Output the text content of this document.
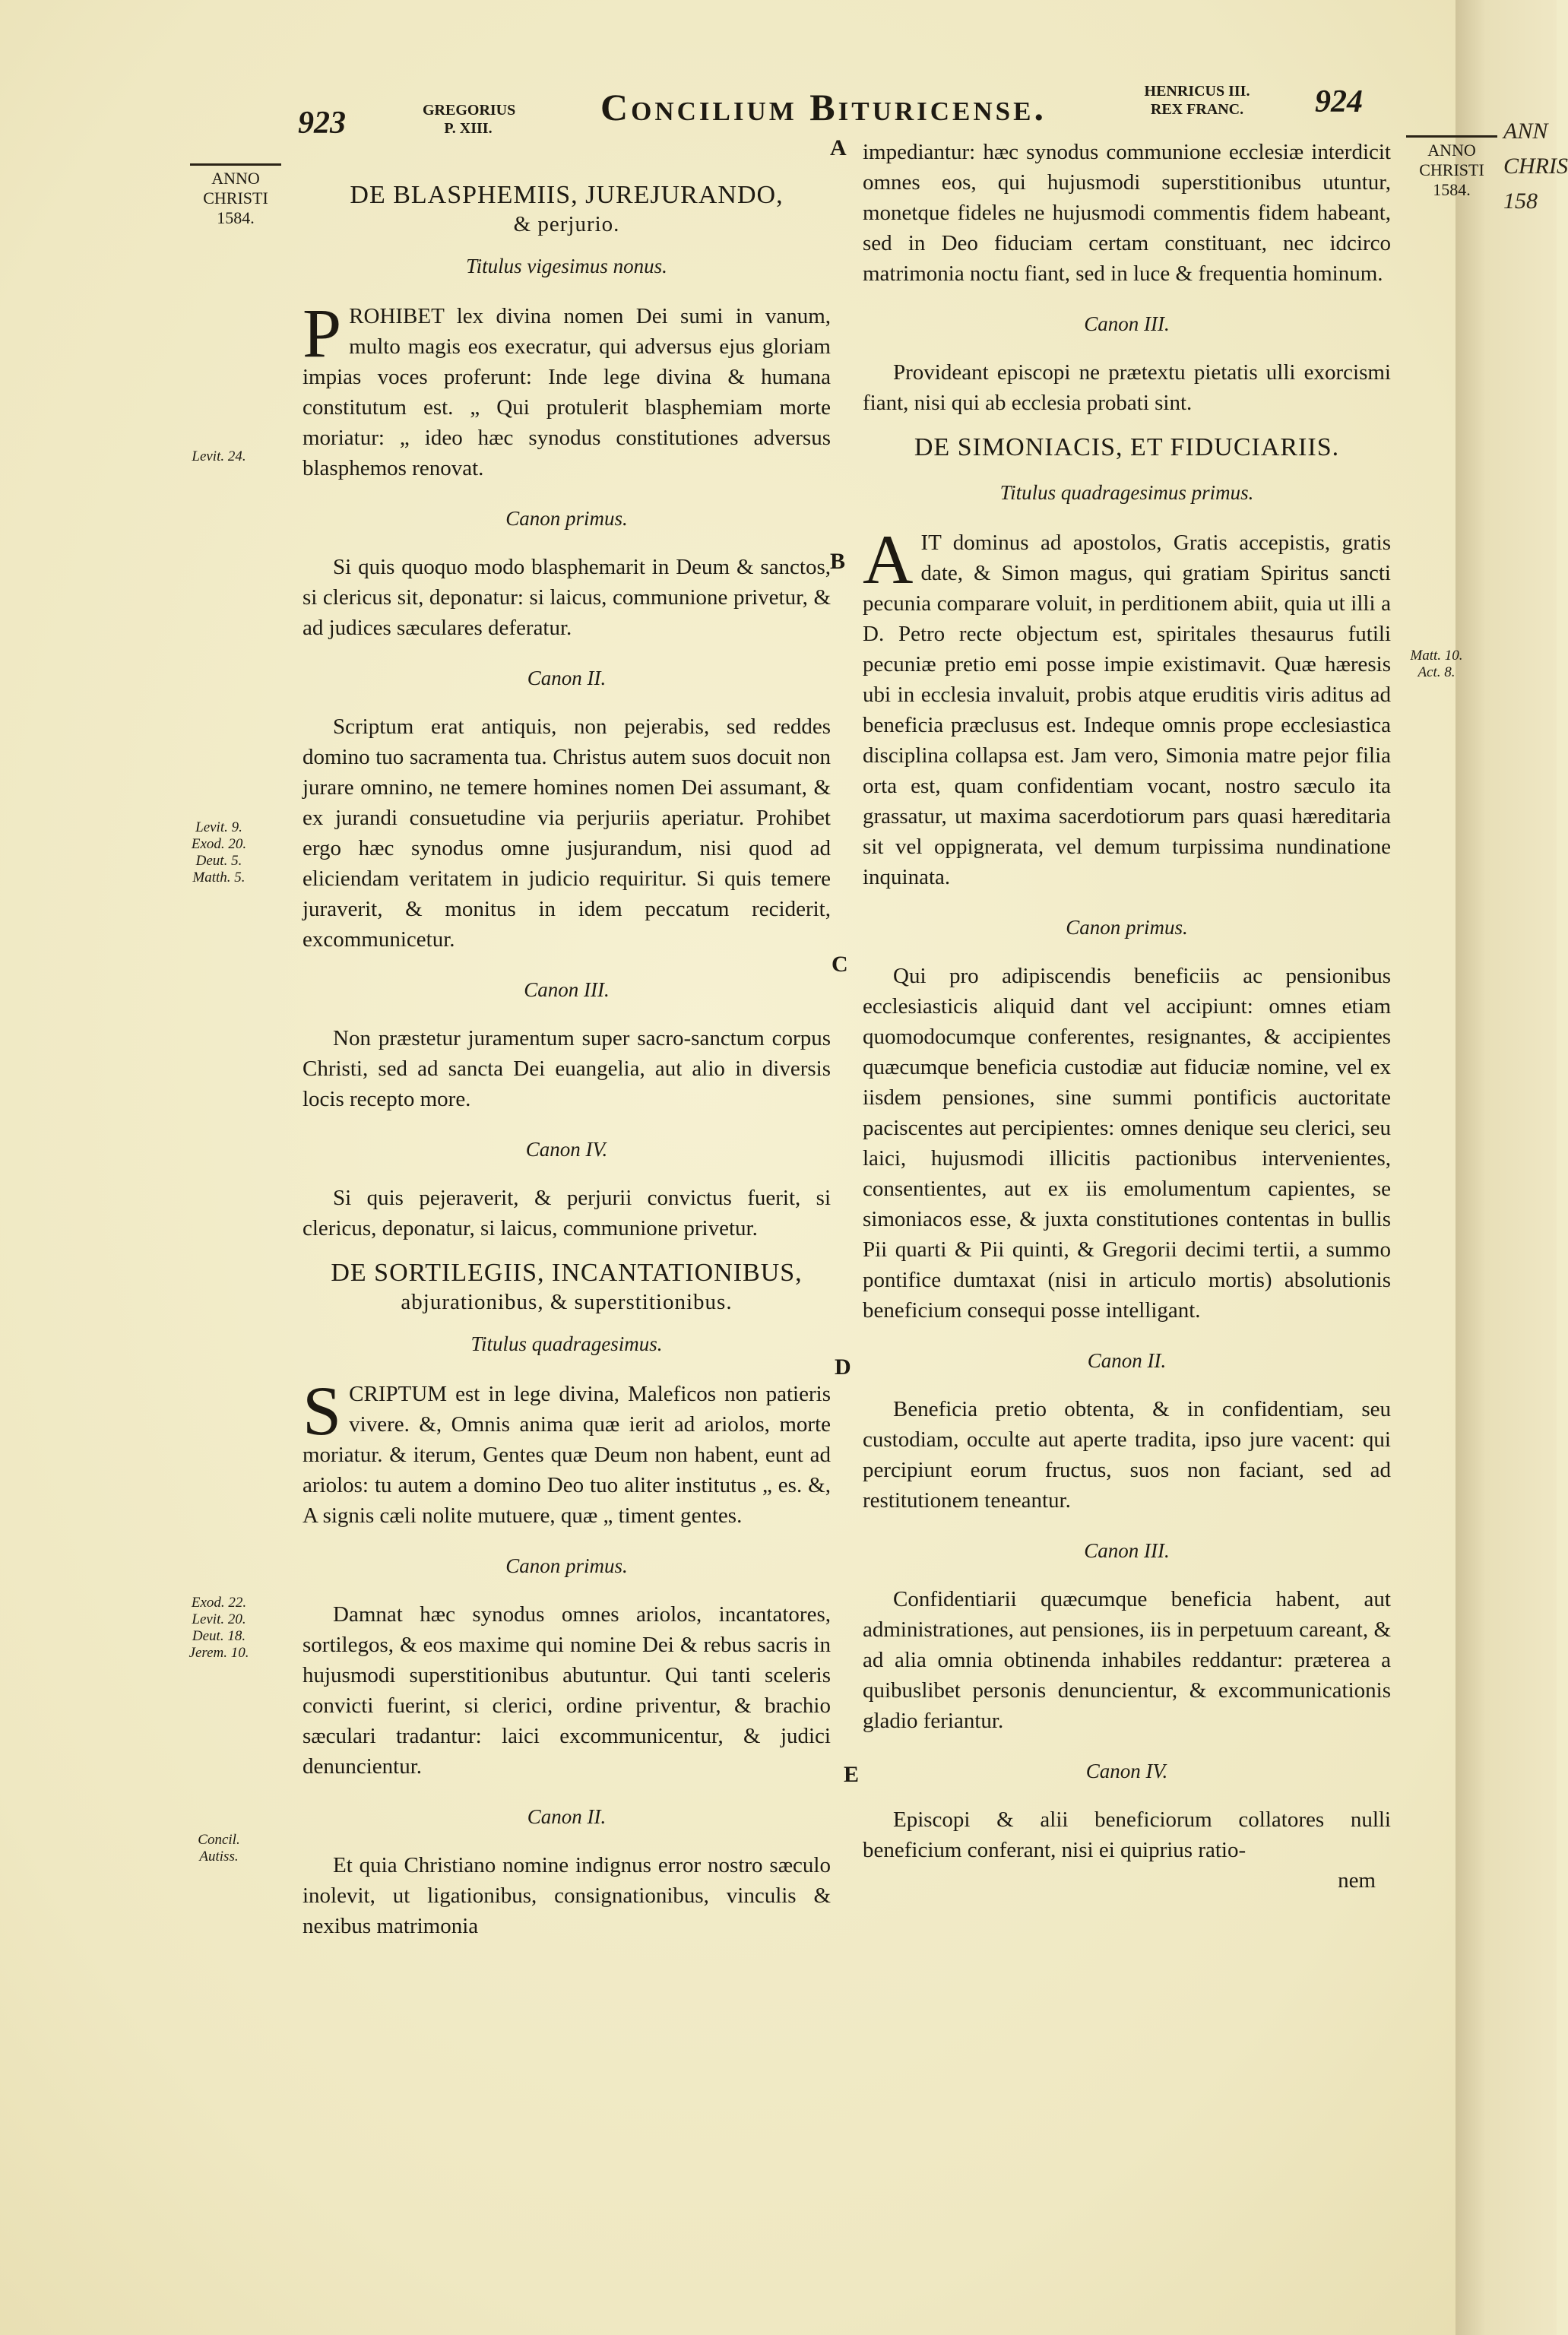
ANN
CHRIS
158
923	GREGORIUS
P. XIII.	Concilium Bituricense.	HENRICUS III.
REX FRANC.	924
ANNO
CHRISTI
1584.
ANNO
CHRISTI
1584.
Levit. 24.
Levit. 9.
Exod. 20.
Deut. 5.
Matth. 5.
Exod. 22.
Levit. 20.
Deut. 18.
Jerem. 10.
Concil.
Autiss.
Matt. 10.
Act. 8.
A
B
C
D
E
DE BLASPHEMIIS, JUREJURANDO,
& perjurio.
Titulus vigesimus nonus.

PROHIBET lex divina nomen Dei sumi in vanum, multo magis eos execratur, qui adversus ejus gloriam impias voces proferunt: Inde lege divina & humana constitutum est. „ Qui protulerit blasphemiam morte moriatur: „ ideo hæc synodus constitutiones adversus blasphemos renovat.

Canon primus.

Si quis quoquo modo blasphemarit in Deum & sanctos, si clericus sit, deponatur: si laicus, communione privetur, & ad judices sæculares deferatur.

Canon II.

Scriptum erat antiquis, non pejerabis, sed reddes domino tuo sacramenta tua. Christus autem suos docuit non jurare omnino, ne temere homines nomen Dei assumant, & ex jurandi consuetudine via perjuriis aperiatur. Prohibet ergo hæc synodus omne jusjurandum, nisi quod ad eliciendam veritatem in judicio requiritur. Si quis temere juraverit, & monitus in idem peccatum reciderit, excommunicetur.

Canon III.

Non præstetur juramentum super sacro-sanctum corpus Christi, sed ad sancta Dei euangelia, aut alio in diversis locis recepto more.

Canon IV.

Si quis pejeraverit, & perjurii convictus fuerit, si clericus, deponatur, si laicus, communione privetur.

DE SORTILEGIIS, INCANTATIONIBUS,
abjurationibus, & superstitionibus.
Titulus quadragesimus.

SCRIPTUM est in lege divina, Maleficos non patieris vivere. &, Omnis anima quæ ierit ad ariolos, morte moriatur. & iterum, Gentes quæ Deum non habent, eunt ad ariolos: tu autem a domino Deo tuo aliter institutus „ es. &, A signis cæli nolite mutuere, quæ „ timent gentes.

Canon primus.

Damnat hæc synodus omnes ariolos, incantatores, sortilegos, & eos maxime qui nomine Dei & rebus sacris in hujusmodi superstitionibus abutuntur. Qui tanti sceleris convicti fuerint, si clerici, ordine priventur, & brachio sæculari tradantur: laici excommunicentur, & judici denuncientur.

Canon II.

Et quia Christiano nomine indignus error nostro sæculo inolevit, ut ligationibus, consignationibus, vinculis & nexibus matrimonia

impediantur: hæc synodus communione ecclesiæ interdicit omnes eos, qui hujusmodi superstitionibus utuntur, monetque fideles ne hujusmodi commentis fidem habeant, sed in Deo fiduciam certam constituant, nec idcirco matrimonia noctu fiant, sed in luce & frequentia hominum.

Canon III.

Provideant episcopi ne prætextu pietatis ulli exorcismi fiant, nisi qui ab ecclesia probati sint.

DE SIMONIACIS, ET FIDUCIARIIS.
Titulus quadragesimus primus.

AIT dominus ad apostolos, Gratis accepistis, gratis date, & Simon magus, qui gratiam Spiritus sancti pecunia comparare voluit, in perditionem abiit, quia ut illi a D. Petro recte objectum est, spiritales thesaurus futili pecuniæ pretio emi posse impie existimavit. Quæ hæresis ubi in ecclesia invaluit, probis atque eruditis viris aditus ad beneficia præclusus est. Indeque omnis prope ecclesiastica disciplina collapsa est. Jam vero, Simonia matre pejor filia orta est, quam confidentiam vocant, nostro sæculo ita grassatur, ut maxima sacerdotiorum pars quasi hæreditaria sit vel oppignerata, vel demum turpissima nundinatione inquinata.

Canon primus.

Qui pro adipiscendis beneficiis ac pensionibus ecclesiasticis aliquid dant vel accipiunt: omnes etiam quomodocumque conferentes, resignantes, & accipientes quæcumque beneficia custodiæ aut fiduciæ nomine, vel ex iisdem pensiones, sine summi pontificis auctoritate paciscentes aut percipientes: omnes denique seu clerici, seu laici, hujusmodi illicitis pactionibus intervenientes, consentientes, aut ex iis emolumentum capientes, se simoniacos esse, & juxta constitutiones contentas in bullis Pii quarti & Pii quinti, & Gregorii decimi tertii, a summo pontifice dumtaxat (nisi in articulo mortis) absolutionis beneficium consequi posse intelligant.

Canon II.

Beneficia pretio obtenta, & in confidentiam, seu custodiam, occulte aut aperte tradita, ipso jure vacent: qui percipiunt eorum fructus, suos non faciant, sed ad restitutionem teneantur.

Canon III.

Confidentiarii quæcumque beneficia habent, aut administrationes, aut pensiones, iis in perpetuum careant, & ad alia omnia obtinenda inhabiles reddantur: præterea a quibuslibet personis denuncientur, & excommunicationis gladio feriantur.

Canon IV.

Episcopi & alii beneficiorum collatores nulli beneficium conferant, nisi ei quiprius ratio-

nem
